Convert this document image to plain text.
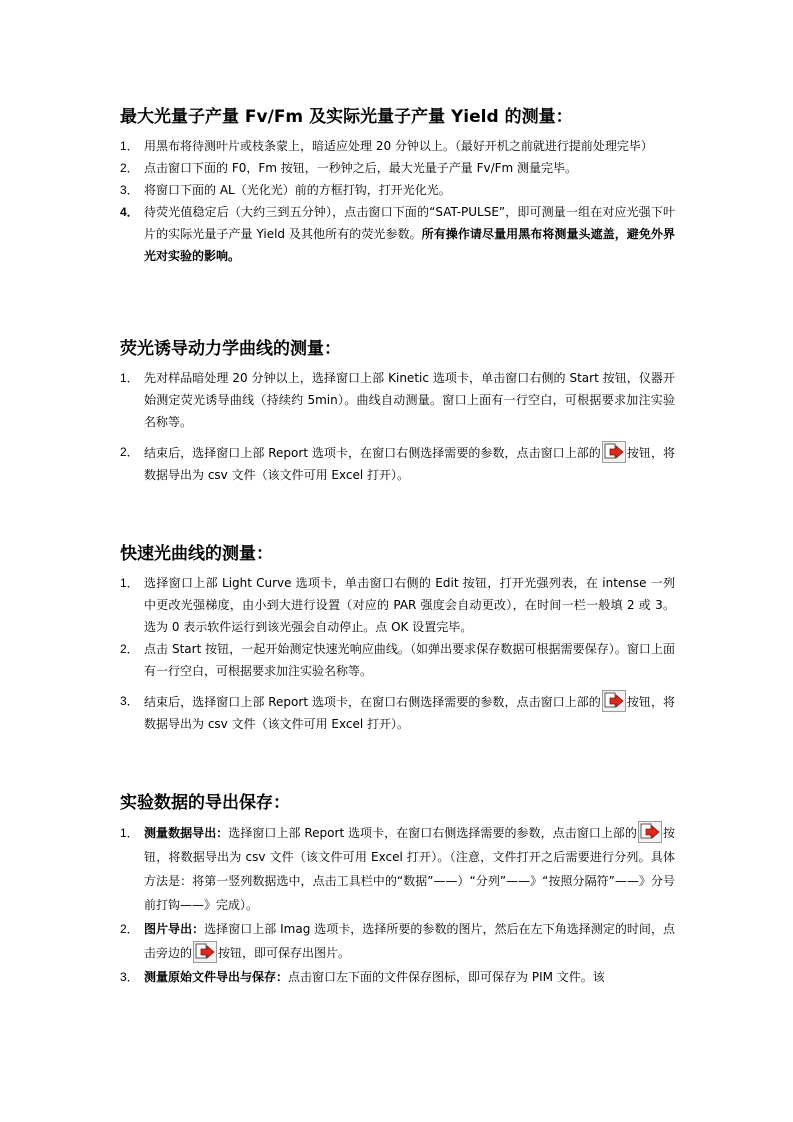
最大光量子产量 Fv/Fm 及实际光量子产量 Yield 的测量：
1． 用黑布将待测叶片或枝条蒙上，暗适应处理 20 分钟以上。（最好开机之前就进行提前处理完毕）
2． 点击窗口下面的 F0，Fm 按钮，一秒钟之后，最大光量子产量 Fv/Fm 测量完毕。
3． 将窗口下面的 AL（光化光）前的方框打钩，打开光化光。
4． 待荧光值稳定后（大约三到五分钟），点击窗口下面的“SAT-PULSE”，即可测量一组在对应光强下叶片的实际光量子产量 Yield 及其他所有的荧光参数。所有操作请尽量用黑布将测量头遮盖，避免外界光对实验的影响。
荧光诱导动力学曲线的测量：
1． 先对样品暗处理 20 分钟以上，选择窗口上部 Kinetic 选项卡，单击窗口右侧的 Start 按钮，仪器开始测定荧光诱导曲线（持续约 5min）。曲线自动测量。窗口上面有一行空白，可根据要求加注实验名称等。
2． 结束后，选择窗口上部 Report 选项卡，在窗口右侧选择需要的参数，点击窗口上部的 按钮，将数据导出为 csv 文件（该文件可用 Excel 打开）。
快速光曲线的测量：
1． 选择窗口上部 Light Curve 选项卡，单击窗口右侧的 Edit 按钮，打开光强列表，在 intense 一列中更改光强梯度，由小到大进行设置（对应的 PAR 强度会自动更改），在时间一栏一般填 2 或 3。选为 0 表示软件运行到该光强会自动停止。点 OK 设置完毕。
2． 点击 Start 按钮，一起开始测定快速光响应曲线。（如弹出要求保存数据可根据需要保存）。窗口上面有一行空白，可根据要求加注实验名称等。
3． 结束后，选择窗口上部 Report 选项卡，在窗口右侧选择需要的参数，点击窗口上部的 按钮，将数据导出为 csv 文件（该文件可用 Excel 打开）。
实验数据的导出保存：
1． 测量数据导出：选择窗口上部 Report 选项卡，在窗口右侧选择需要的参数，点击窗口上部的 按钮，将数据导出为 csv 文件（该文件可用 Excel 打开）。（注意，文件打开之后需要进行分列。具体方法是：将第一竖列数据选中，点击工具栏中的“数据”——）“分列”——》“按照分隔符”——》分号前打钩——》完成）。
2． 图片导出：选择窗口上部 Imag 选项卡，选择所要的参数的图片，然后在左下角选择测定的时间，点击旁边的 按钮，即可保存出图片。
3． 测量原始文件导出与保存：点击窗口左下面的文件保存图标，即可保存为 PIM 文件。该
